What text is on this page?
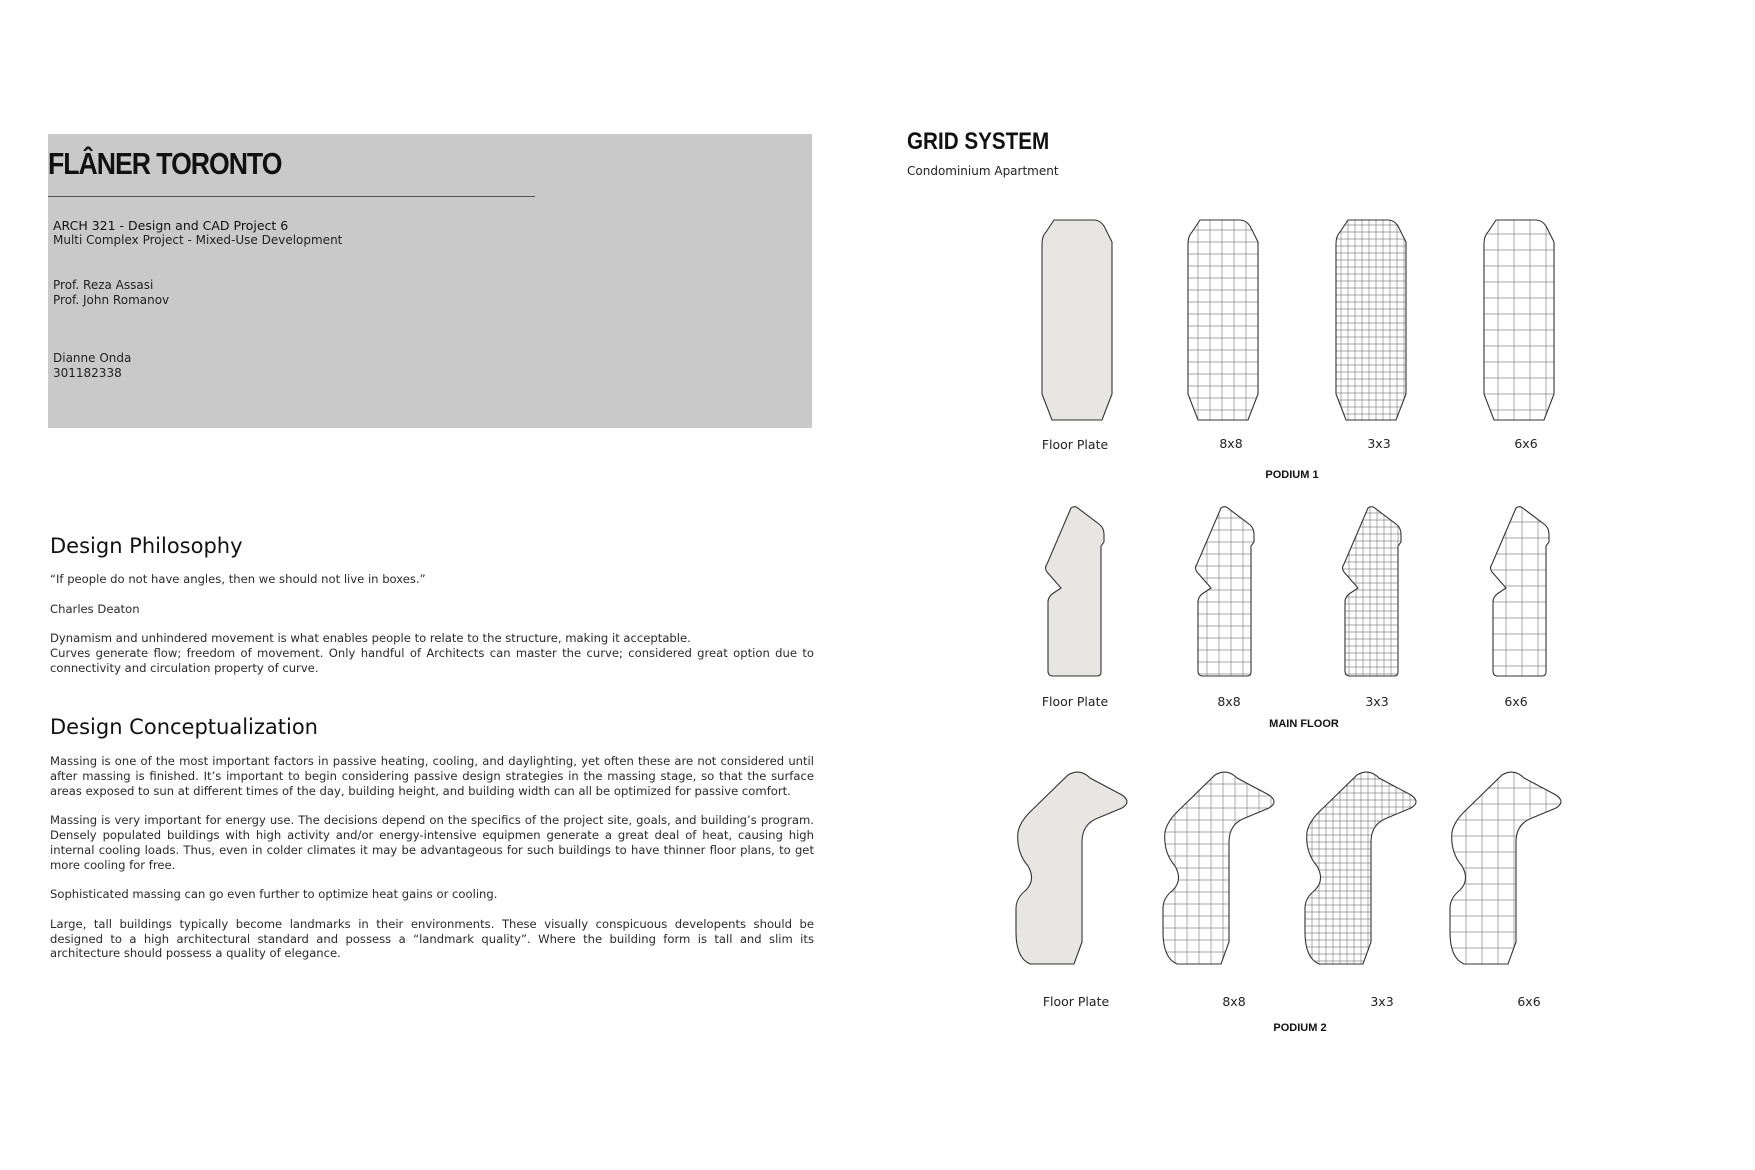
FLÂNER TORONTO
ARCH 321 - Design and CAD Project 6
Multi Complex Project - Mixed-Use Development
Prof. Reza Assasi
Prof. John Romanov
Dianne Onda
301182338
Design Philosophy

“If people do not have angles, then we should not live in boxes.”

Charles Deaton

Dynamism and unhindered movement is what enables people to relate to the structure, making it acceptable.

Curves generate flow; freedom of movement. Only handful of Architects can master the curve; considered great option due to connectivity and circulation property of curve.

Design Conceptualization

Massing is one of the most important factors in passive heating, cooling, and daylighting, yet often these are not considered until after massing is finished. It’s important to begin considering passive design strategies in the massing stage, so that the surface areas exposed to sun at different times of the day, building height, and building width can all be optimized for passive comfort.

Massing is very important for energy use. The decisions depend on the specifics of the project site, goals, and building’s program. Densely populated buildings with high activity and/or energy-intensive equipmen generate a great deal of heat, causing high internal cooling loads. Thus, even in colder climates it may be advantageous for such buildings to have thinner floor plans, to get more cooling for free.

Sophisticated massing can go even further to optimize heat gains or cooling.

Large, tall buildings typically become landmarks in their environments. These visually conspicuous developents should be designed to a high architectural standard and possess a “landmark quality”. Where the building form is tall and slim its architecture should possess a quality of elegance.

GRID SYSTEM
Condominium Apartment
Floor Plate	8x8	3x3	6x6
PODIUM 1
Floor Plate	8x8	3x3	6x6
MAIN FLOOR
Floor Plate	8x8	3x3	6x6
PODIUM 2
